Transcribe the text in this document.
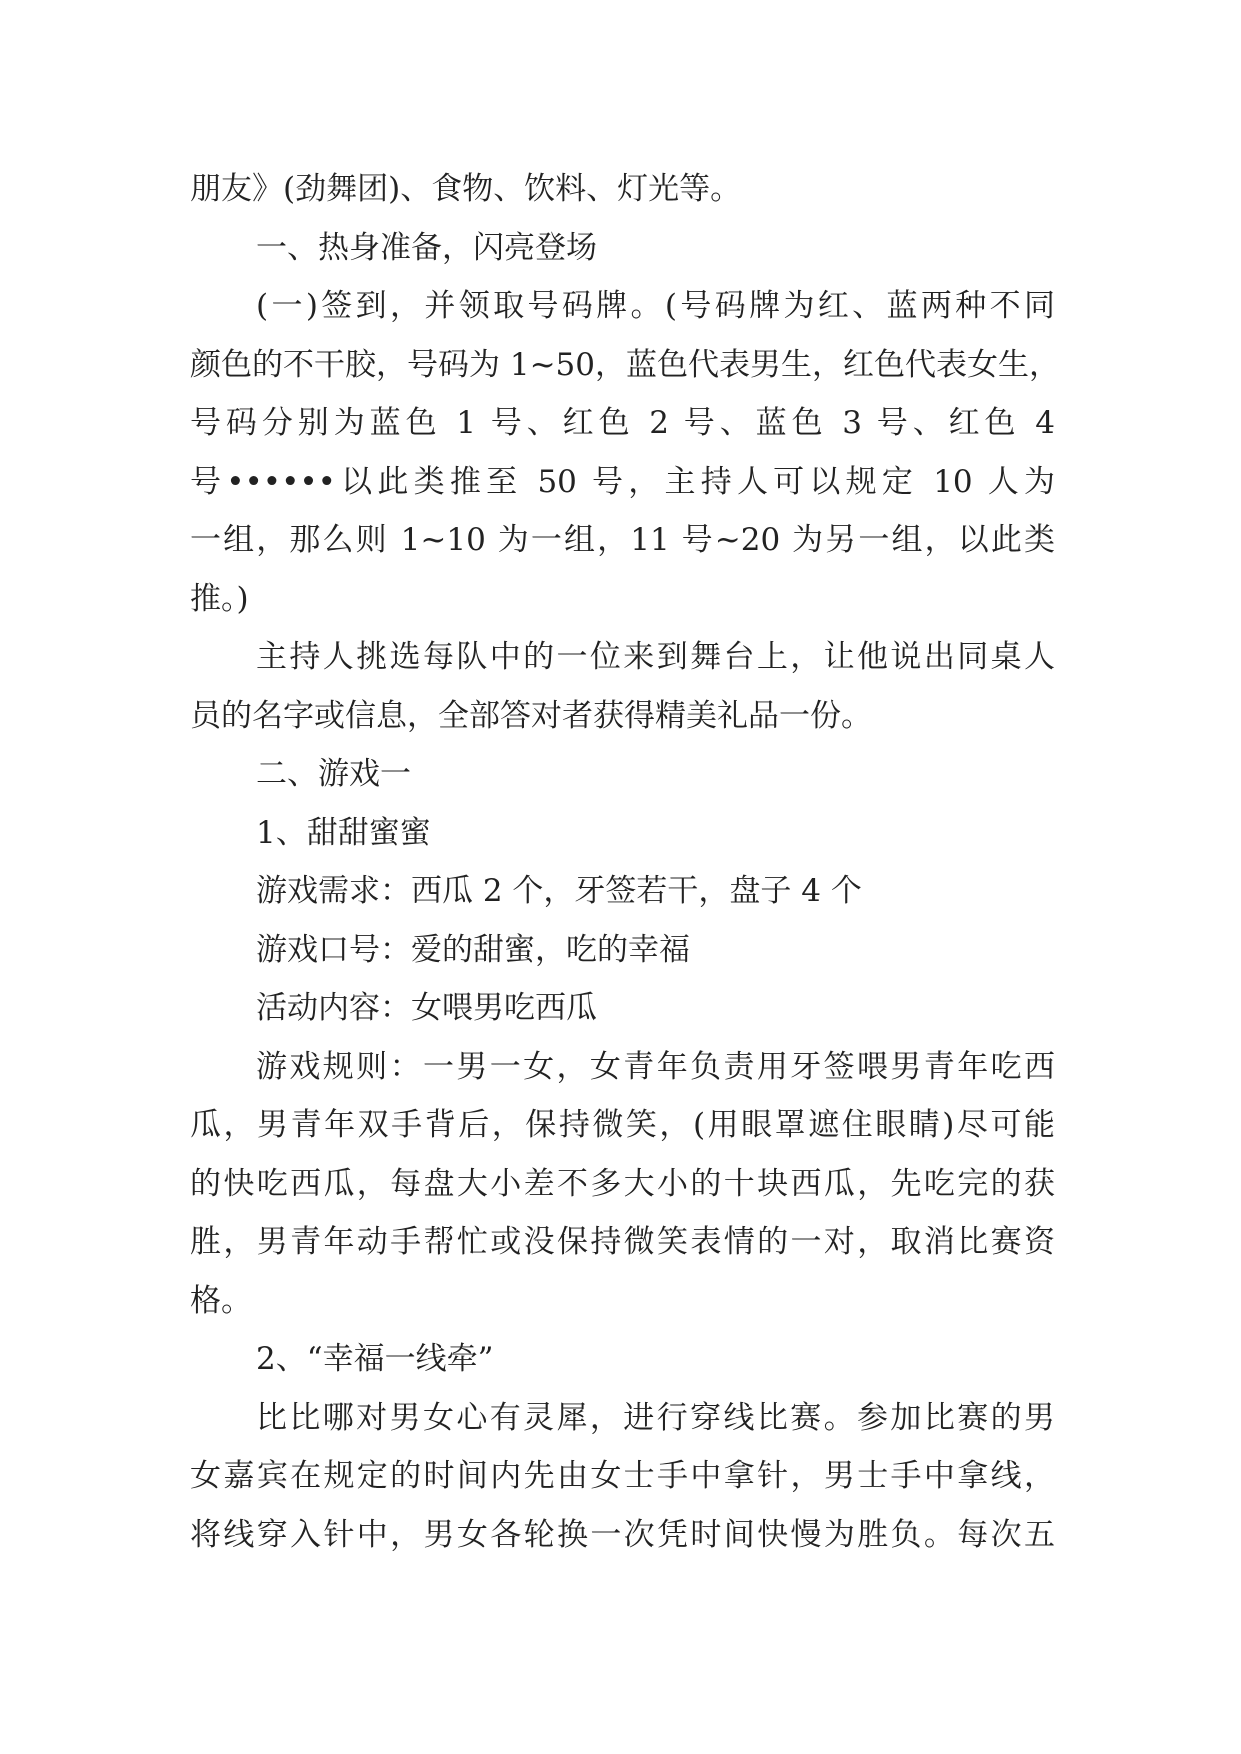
朋友》(劲舞团)、食物、饮料、灯光等。
一、热身准备，闪亮登场
(一)签到，并领取号码牌。(号码牌为红、蓝两种不同
颜色的不干胶，号码为 1~50，蓝色代表男生，红色代表女生，
号码分别为蓝色 1 号、红色 2 号、蓝色 3 号、红色 4
号••••••以此类推至 50 号，主持人可以规定 10 人为
一组，那么则 1~10 为一组，11 号~20 为另一组，以此类
推。)
主持人挑选每队中的一位来到舞台上，让他说出同桌人
员的名字或信息，全部答对者获得精美礼品一份。
二、游戏一
1、甜甜蜜蜜
游戏需求：西瓜 2 个，牙签若干，盘子 4 个
游戏口号：爱的甜蜜，吃的幸福
活动内容：女喂男吃西瓜
游戏规则：一男一女，女青年负责用牙签喂男青年吃西
瓜，男青年双手背后，保持微笑，(用眼罩遮住眼睛)尽可能
的快吃西瓜，每盘大小差不多大小的十块西瓜，先吃完的获
胜，男青年动手帮忙或没保持微笑表情的一对，取消比赛资
格。
2、“幸福一线牵”
比比哪对男女心有灵犀，进行穿线比赛。参加比赛的男
女嘉宾在规定的时间内先由女士手中拿针，男士手中拿线，
将线穿入针中，男女各轮换一次凭时间快慢为胜负。每次五
